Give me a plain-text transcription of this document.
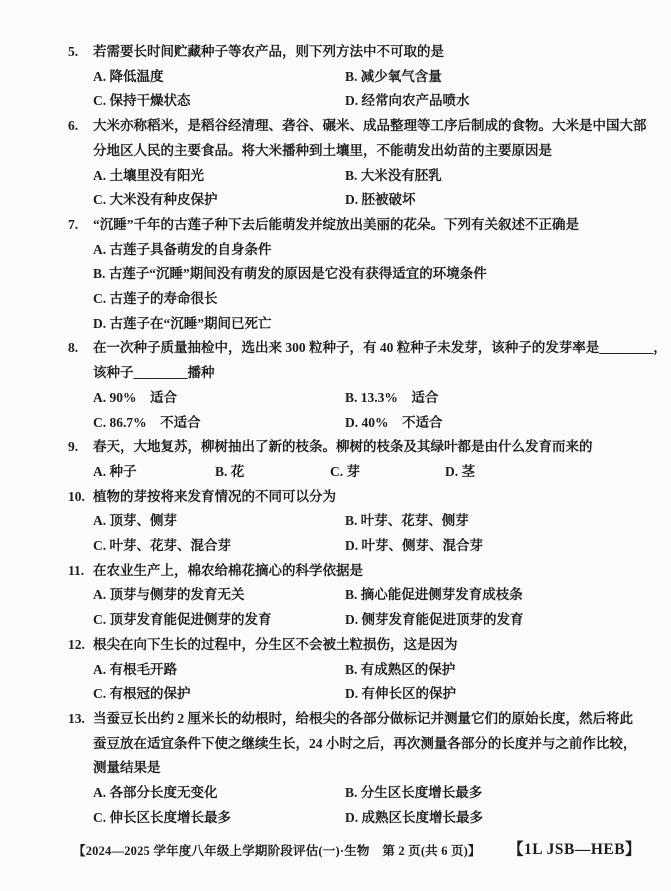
5. 若需要长时间贮藏种子等农产品，则下列方法中不可取的是
A. 降低温度	B. 减少氧气含量
C. 保持干燥状态	D. 经常向农产品喷水
6. 大米亦称稻米，是稻谷经清理、砻谷、碾米、成品整理等工序后制成的食物。大米是中国大部
分地区人民的主要食品。将大米播种到土壤里，不能萌发出幼苗的主要原因是
A. 土壤里没有阳光	B. 大米没有胚乳
C. 大米没有种皮保护	D. 胚被破坏
7. “沉睡”千年的古莲子种下去后能萌发并绽放出美丽的花朵。下列有关叙述不正确是
A. 古莲子具备萌发的自身条件
B. 古莲子“沉睡”期间没有萌发的原因是它没有获得适宜的环境条件
C. 古莲子的寿命很长
D. 古莲子在“沉睡”期间已死亡
8. 在一次种子质量抽检中，选出来 300 粒种子，有 40 粒种子未发芽，该种子的发芽率是________，
该种子________播种
A. 90%　适合	B. 13.3%　适合
C. 86.7%　不适合	D. 40%　不适合
9. 春天，大地复苏，柳树抽出了新的枝条。柳树的枝条及其绿叶都是由什么发育而来的
A. 种子	B. 花	C. 芽	D. 茎
10. 植物的芽按将来发育情况的不同可以分为
A. 顶芽、侧芽	B. 叶芽、花芽、侧芽
C. 叶芽、花芽、混合芽	D. 叶芽、侧芽、混合芽
11. 在农业生产上，棉农给棉花摘心的科学依据是
A. 顶芽与侧芽的发育无关	B. 摘心能促进侧芽发育成枝条
C. 顶芽发育能促进侧芽的发育	D. 侧芽发育能促进顶芽的发育
12. 根尖在向下生长的过程中，分生区不会被土粒损伤，这是因为
A. 有根毛开路	B. 有成熟区的保护
C. 有根冠的保护	D. 有伸长区的保护
13. 当蚕豆长出约 2 厘米长的幼根时，给根尖的各部分做标记并测量它们的原始长度，然后将此
蚕豆放在适宜条件下使之继续生长，24 小时之后，再次测量各部分的长度并与之前作比较，
测量结果是
A. 各部分长度无变化	B. 分生区长度增长最多
C. 伸长区长度增长最多	D. 成熟区长度增长最多
【2024—2025 学年度八年级上学期阶段评估(一)·生物　第 2 页(共 6 页)】 【1L JSB—HEB】
